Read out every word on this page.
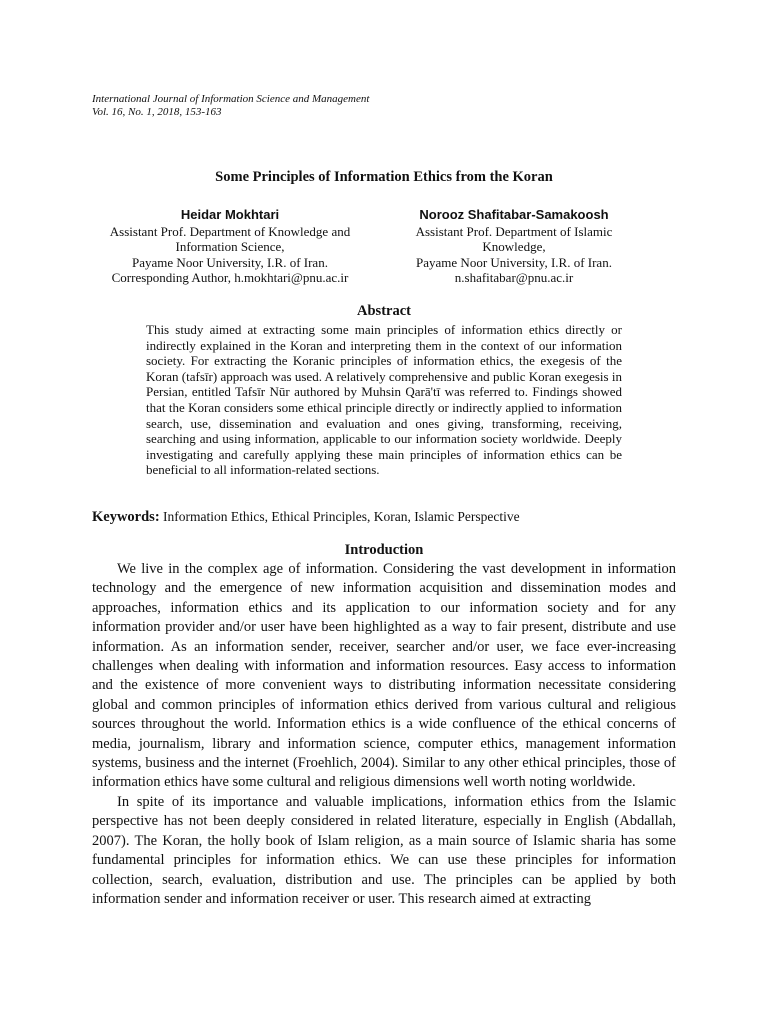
International Journal of Information Science and Management
Vol. 16, No. 1, 2018, 153-163
Some Principles of Information Ethics from the Koran
Heidar Mokhtari
Assistant Prof. Department of Knowledge and
Information Science,
Payame Noor University, I.R. of Iran.
Corresponding Author, h.mokhtari@pnu.ac.ir
Norooz Shafitabar-Samakoosh
Assistant Prof. Department of Islamic Knowledge,
Payame Noor University, I.R. of Iran.
n.shafitabar@pnu.ac.ir
Abstract
This study aimed at extracting some main principles of information ethics directly or indirectly explained in the Koran and interpreting them in the context of our information society. For extracting the Koranic principles of information ethics, the exegesis of the Koran (tafsīr) approach was used. A relatively comprehensive and public Koran exegesis in Persian, entitled Tafsīr Nūr authored by Muhsin Qarā'tī was referred to. Findings showed that the Koran considers some ethical principle directly or indirectly applied to information search, use, dissemination and evaluation and ones giving, transforming, receiving, searching and using information, applicable to our information society worldwide. Deeply investigating and carefully applying these main principles of information ethics can be beneficial to all information-related sections.
Keywords: Information Ethics, Ethical Principles, Koran, Islamic Perspective
Introduction

We live in the complex age of information. Considering the vast development in information technology and the emergence of new information acquisition and dissemination modes and approaches, information ethics and its application to our information society and for any information provider and/or user have been highlighted as a way to fair present, distribute and use information. As an information sender, receiver, searcher and/or user, we face ever-increasing challenges when dealing with information and information resources. Easy access to information and the existence of more convenient ways to distributing information necessitate considering global and common principles of information ethics derived from various cultural and religious sources throughout the world. Information ethics is a wide confluence of the ethical concerns of media, journalism, library and information science, computer ethics, management information systems, business and the internet (Froehlich, 2004). Similar to any other ethical principles, those of information ethics have some cultural and religious dimensions well worth noting worldwide.

In spite of its importance and valuable implications, information ethics from the Islamic perspective has not been deeply considered in related literature, especially in English (Abdallah, 2007). The Koran, the holly book of Islam religion, as a main source of Islamic sharia has some fundamental principles for information ethics. We can use these principles for information collection, search, evaluation, distribution and use. The principles can be applied by both information sender and information receiver or user. This research aimed at extracting
